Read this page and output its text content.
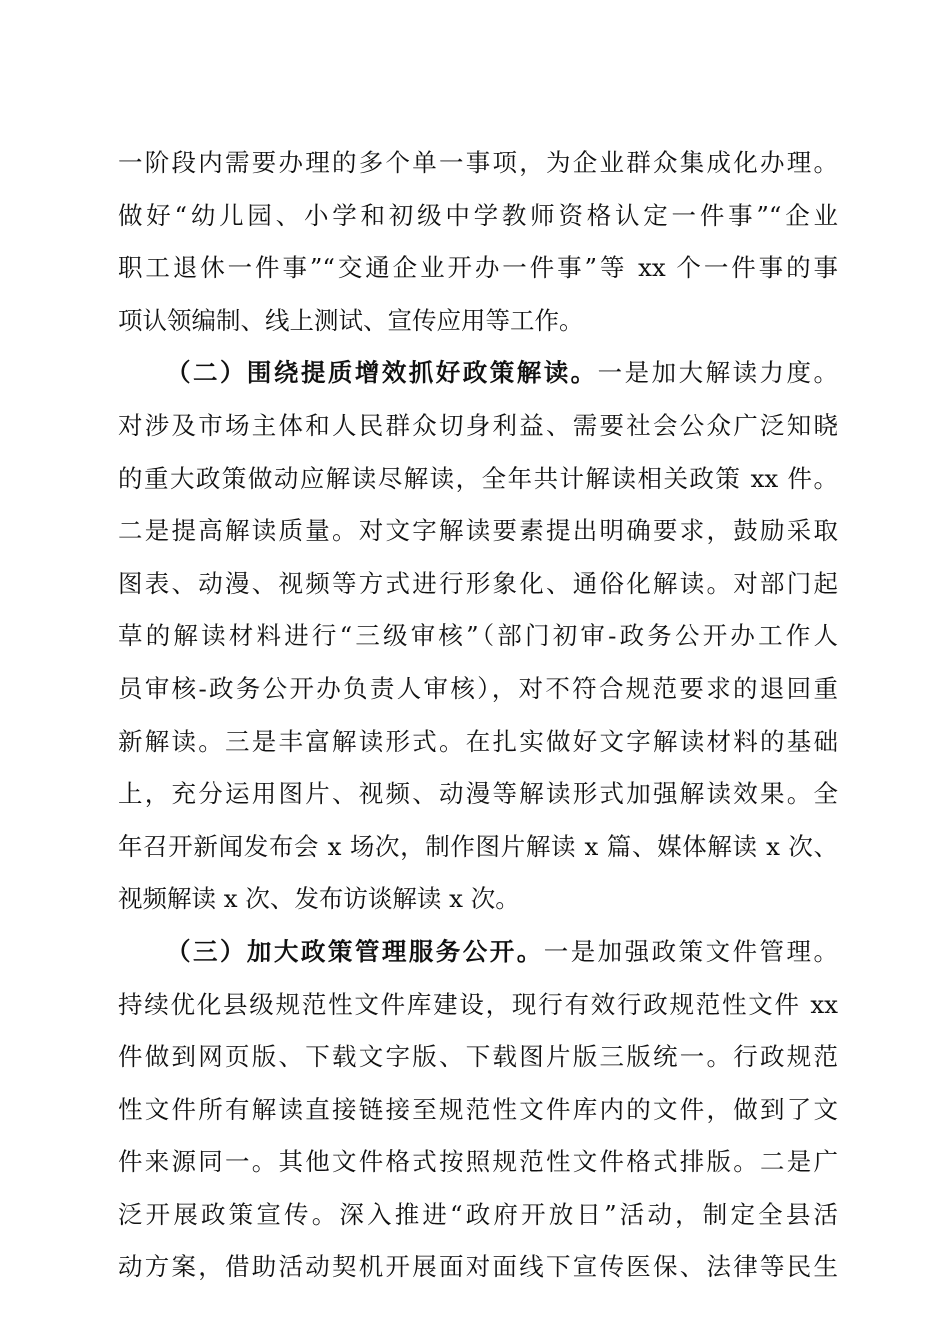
一阶段内需要办理的多个单一事项，为企业群众集成化办理。
做好“幼儿园、小学和初级中学教师资格认定一件事”“企业
职工退休一件事”“交通企业开办一件事”等 xx 个一件事的事
项认领编制、线上测试、宣传应用等工作。
（二）围绕提质增效抓好政策解读。一是加大解读力度。
对涉及市场主体和人民群众切身利益、需要社会公众广泛知晓
的重大政策做动应解读尽解读，全年共计解读相关政策 xx 件。
二是提高解读质量。对文字解读要素提出明确要求，鼓励采取
图表、动漫、视频等方式进行形象化、通俗化解读。对部门起
草的解读材料进行“三级审核”（部门初审-政务公开办工作人
员审核-政务公开办负责人审核），对不符合规范要求的退回重
新解读。三是丰富解读形式。在扎实做好文字解读材料的基础
上，充分运用图片、视频、动漫等解读形式加强解读效果。全
年召开新闻发布会 x 场次，制作图片解读 x 篇、媒体解读 x 次、
视频解读 x 次、发布访谈解读 x 次。
（三）加大政策管理服务公开。一是加强政策文件管理。
持续优化县级规范性文件库建设，现行有效行政规范性文件 xx
件做到网页版、下载文字版、下载图片版三版统一。行政规范
性文件所有解读直接链接至规范性文件库内的文件，做到了文
件来源同一。其他文件格式按照规范性文件格式排版。二是广
泛开展政策宣传。深入推进“政府开放日”活动，制定全县活
动方案，借助活动契机开展面对面线下宣传医保、法律等民生
